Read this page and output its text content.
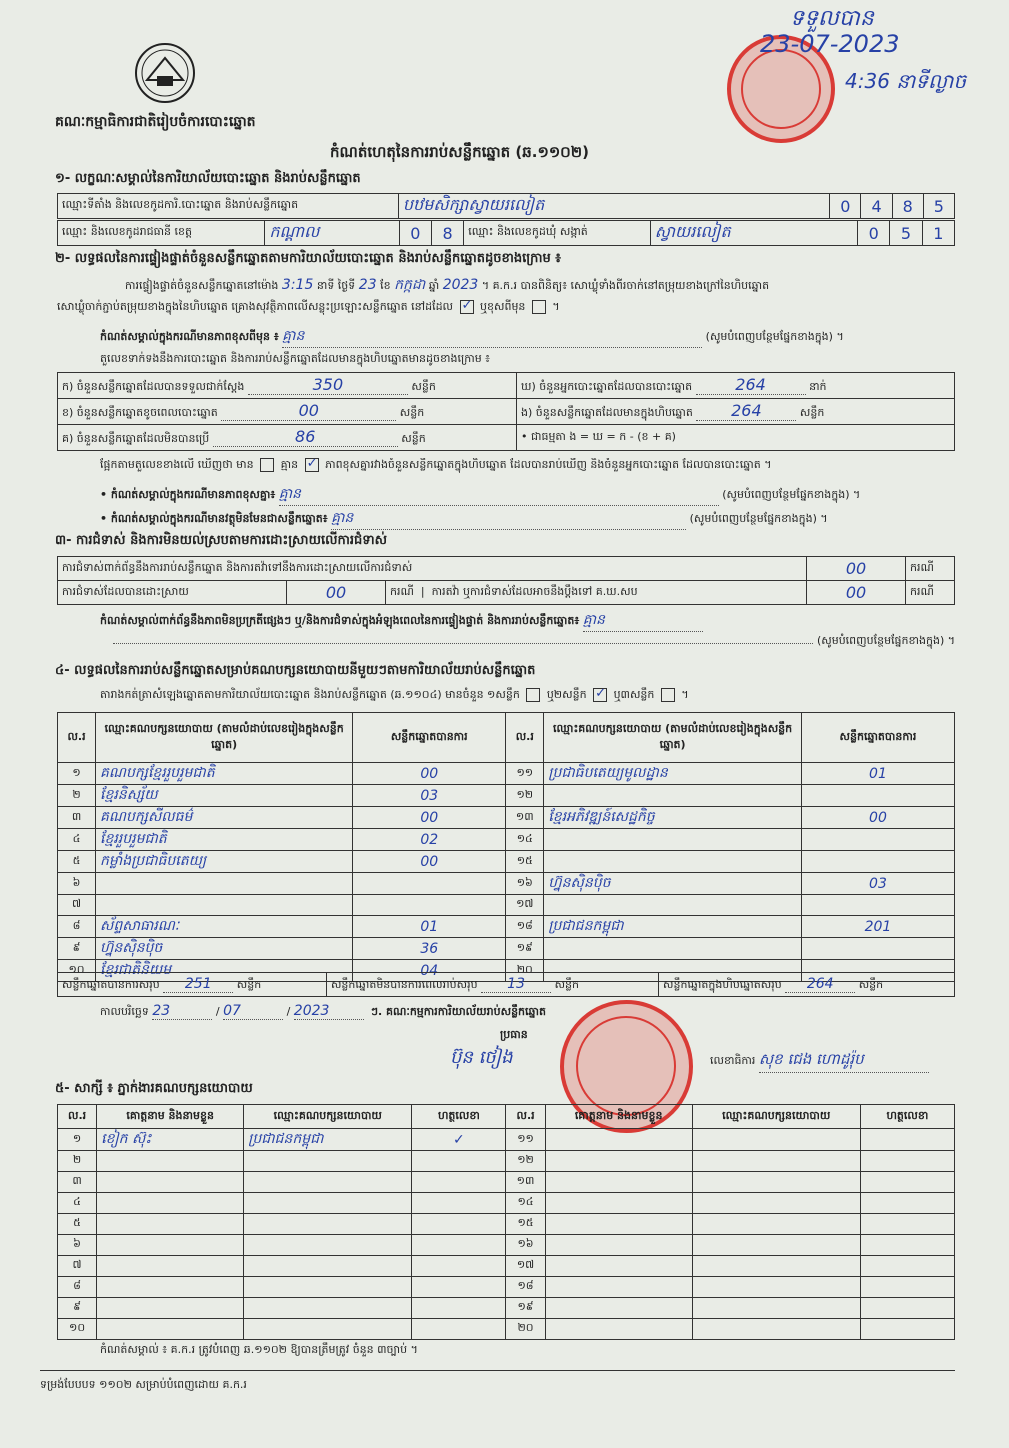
គណៈកម្មាធិការជាតិរៀបចំការបោះឆ្នោត
ទទួលបាន
23-07-2023
4:36 នាទីល្ងាច
កំណត់ហេតុនៃការរាប់សន្លឹកឆ្នោត (ឆ.១១០២)
១- លក្ខណៈសម្គាល់នៃការិយាល័យបោះឆ្នោត និងរាប់សន្លឹកឆ្នោត
ឈ្មោះទីតាំង និងលេខកូដការិ.បោះឆ្នោត និងរាប់សន្លឹកឆ្នោត	បឋមសិក្សាស្វាយរលៀត	0	4	8	5
ឈ្មោះ និងលេខកូដរាជធានី ខេត្ត	កណ្ដាល	0	8	ឈ្មោះ និងលេខកូដឃុំ សង្កាត់	ស្វាយរលៀត	0	5	1
២- លទ្ធផលនៃការផ្ទៀងផ្ទាត់ចំនួនសន្លឹកឆ្នោតតាមការិយាល័យបោះឆ្នោត និងរាប់សន្លឹកឆ្នោតដូចខាងក្រោម ៖
ការផ្ទៀងផ្ទាត់ចំនួនសន្លឹកឆ្នោតនៅម៉ោង 3:15 នាទី ថ្ងៃទី 23 ខែ កក្កដា ឆ្នាំ 2023 ។ គ.ក.រ បានពិនិត្យ៖ សោឃ្លុំទាំងពីរចាក់នៅតម្រុយខាងក្រៅនៃហិបឆ្នោត
សោឃ្លុំចាក់ភ្ជាប់តម្រុយខាងក្នុងនៃហិបឆ្នោត គ្រោងសុវត្ថិភាពលើសន្លុះប្រឡោះសន្លឹកឆ្នោត នៅដដែល ✓ ឬខុសពីមុន  ។
កំណត់សម្គាល់ក្នុងករណីមានភាពខុសពីមុន ៖ គ្មាន	(សូមបំពេញបន្ថែមផ្នែកខាងក្នុង) ។
តួលេខទាក់ទងនឹងការបោះឆ្នោត និងការរាប់សន្លឹកឆ្នោតដែលមានក្នុងហិបឆ្នោតមានដូចខាងក្រោម ៖
ក) ចំនួនសន្លឹកឆ្នោតដែលបានទទួលជាក់ស្ដែង 350 សន្លឹក	ឃ) ចំនួនអ្នកបោះឆ្នោតដែលបានបោះឆ្នោត 264 នាក់
ខ) ចំនួនសន្លឹកឆ្នោតខូចពេលបោះឆ្នោត 00 សន្លឹក	ង) ចំនួនសន្លឹកឆ្នោតដែលមានក្នុងហិបឆ្នោត 264 សន្លឹក
គ) ចំនួនសន្លឹកឆ្នោតដែលមិនបានប្រើ 86 សន្លឹក	• ជាធម្មតា ង = ឃ = ក - (ខ + គ)
ផ្អែកតាមតួលេខខាងលើ ឃើញថា មាន គ្មាន ✓ ភាពខុសគ្នារវាងចំនួនសន្លឹកឆ្នោតក្នុងហិបឆ្នោត ដែលបានរាប់ឃើញ និងចំនួនអ្នកបោះឆ្នោត ដែលបានបោះឆ្នោត ។
• កំណត់សម្គាល់ក្នុងករណីមានភាពខុសគ្នា៖ គ្មាន	(សូមបំពេញបន្ថែមផ្នែកខាងក្នុង) ។
• កំណត់សម្គាល់ក្នុងករណីមានវត្ថុមិនមែនជាសន្លឹកឆ្នោត៖ គ្មាន	(សូមបំពេញបន្ថែមផ្នែកខាងក្នុង) ។
៣- ការជំទាស់ និងការមិនយល់ស្របតាមការដោះស្រាយលើការជំទាស់
ការជំទាស់ពាក់ព័ន្ធនឹងការរាប់សន្លឹកឆ្នោត និងការតវ៉ាទៅនឹងការដោះស្រាយលើការជំទាស់			00	ករណី
ការជំទាស់ដែលបានដោះស្រាយ	00	ករណី  |  ការតវ៉ា ឬការជំទាស់ដែលអាចនឹងប្ដឹងទៅ គ.ឃ.សប	00	ករណី
កំណត់សម្គាល់ពាក់ព័ន្ធនឹងភាពមិនប្រក្រតីផ្សេងៗ ឬ/និងការជំទាស់ក្នុងអំឡុងពេលនៃការផ្ទៀងផ្ទាត់ និងការរាប់សន្លឹកឆ្នោត៖ គ្មាន
(សូមបំពេញបន្ថែមផ្នែកខាងក្នុង) ។
៤- លទ្ធផលនៃការរាប់សន្លឹកឆ្នោតសម្រាប់គណបក្សនយោបាយនីមួយៗតាមការិយាល័យរាប់សន្លឹកឆ្នោត
តារាងកត់ត្រាសំឡេងឆ្នោតតាមការិយាល័យបោះឆ្នោត និងរាប់សន្លឹកឆ្នោត (ឆ.១១០៤) មានចំនួន ១សន្លឹក ឬ២សន្លឹក ✓ ឬ៣សន្លឹក  ។
ល.រ	ឈ្មោះគណបក្សនយោបាយ (តាមលំដាប់លេខរៀងក្នុងសន្លឹកឆ្នោត)	សន្លឹកឆ្នោតបានការ	ល.រ	ឈ្មោះគណបក្សនយោបាយ (តាមលំដាប់លេខរៀងក្នុងសន្លឹកឆ្នោត)	សន្លឹកឆ្នោតបានការ
១	គណបក្សខ្មែររួបរួមជាតិ	00	១១	ប្រជាធិបតេយ្យមូលដ្ឋាន	01
២	ខ្មែរនិស្ស័យ	03	១២		
៣	គណបក្សសីលធម៌	00	១៣	ខ្មែរអភិវឌ្ឍន៍សេដ្ឋកិច្ច	00
៤	ខ្មែររួបរួមជាតិ	02	១៤		
៥	កម្លាំងប្រជាធិបតេយ្យ	00	១៥		
៦			១៦	ហ្វ៊ុនស៊ិនប៉ិច	03
៧			១៧		
៨	ស័ព្ទសាធារណៈ	01	១៨	ប្រជាជនកម្ពុជា	201
៩	ហ្វ៊ុនស៊ិនប៉ិច	36	១៩		
១០	ខ្មែរជាតិនិយម	04	២០		
សន្លឹកឆ្នោតបានការសរុប 251 សន្លឹក	សន្លឹកឆ្នោតមិនបានការពេលរាប់សរុប 13	សន្លឹក	សន្លឹកឆ្នោតក្នុងហិបឆ្នោតសរុប 264 សន្លឹក
កាលបរិច្ឆេទ 23	/ 07	/ 2023	ៗ. គណៈកម្មការការិយាល័យរាប់សន្លឹកឆ្នោត
ប្រធាន
ប៊ុន ថៀង	លេខាធិការ សុខ ជេង ហោដូរ៉ុប
៥- សាក្សី ៖ ភ្នាក់ងារគណបក្សនយោបាយ
ល.រ	គោត្តនាម និងនាមខ្លួន	ឈ្មោះគណបក្សនយោបាយ	ហត្ថលេខា	ល.រ	គោត្តនាម និងនាមខ្លួន	ឈ្មោះគណបក្សនយោបាយ	ហត្ថលេខា
១	ខៀក ស៊ុះ	ប្រជាជនកម្ពុជា	✓	១១			
២				១២			
៣				១៣			
៤				១៤			
៥				១៥			
៦				១៦			
៧				១៧			
៨				១៨			
៩				១៩			
១០				២០			
កំណត់សម្គាល់ ៖ គ.ក.រ ត្រូវបំពេញ ឆ.១១០២ ឱ្យបានត្រឹមត្រូវ ចំនួន ៣ច្បាប់ ។
ទម្រង់បែបបទ ១១០២ សម្រាប់បំពេញដោយ គ.ក.រ
